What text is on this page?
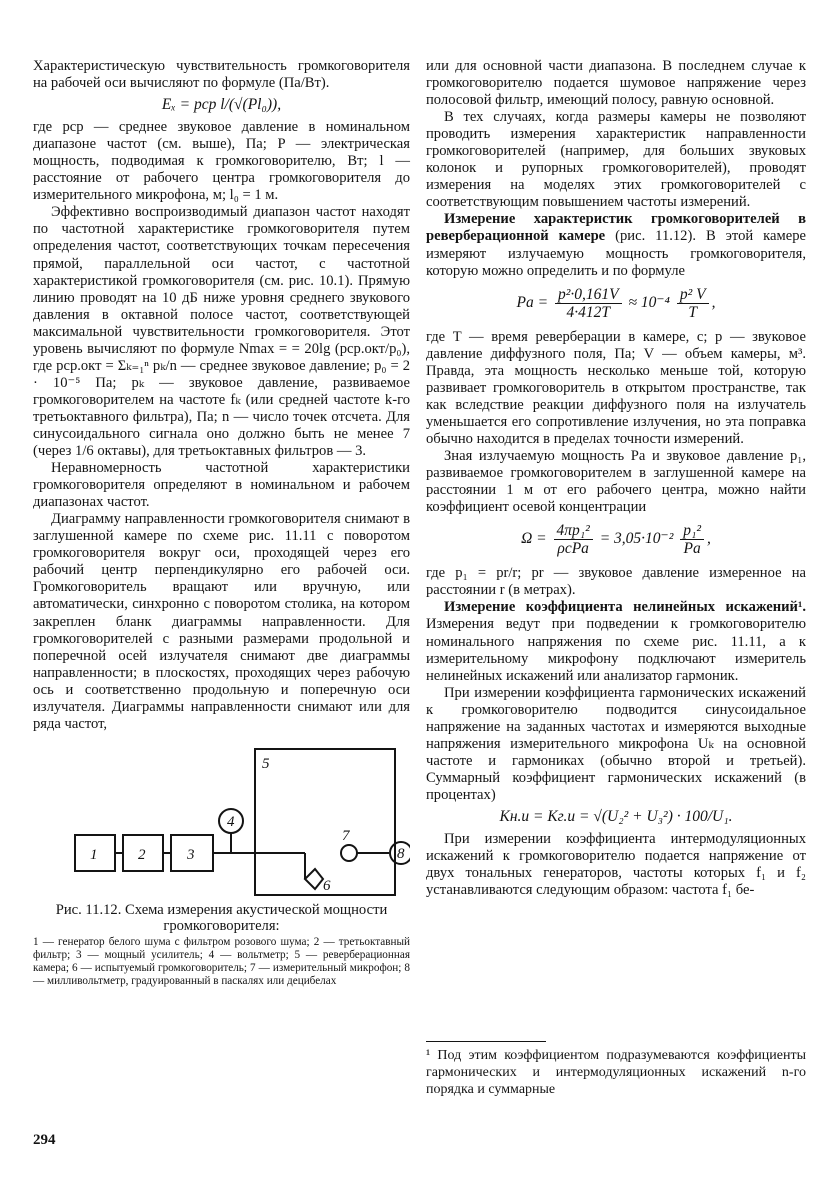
Характеристическую чувствительность громкоговорителя на рабочей оси вычисляют по формуле (Па/Вт).

Eₓ = pср l/(√(Pl₀)),

где pср — среднее звуковое давление в номинальном диапазоне частот (см. выше), Па; P — электрическая мощность, подводимая к громкоговорителю, Вт; l — расстояние от рабочего центра громкоговорителя до измерительного микрофона, м; l₀ = 1 м.

Эффективно воспроизводимый диапазон частот находят по частотной характеристике громкоговорителя путем определения частот, соответствующих точкам пересечения прямой, параллельной оси частот, с частотной характеристикой громкоговорителя (см. рис. 10.1). Прямую линию проводят на 10 дБ ниже уровня среднего звукового давления в октавной полосе частот, соответствующей максимальной чувствительности громкоговорителя. Этот уровень вычисляют по формуле Nmax = = 20lg (pср.окт/p₀), где pср.окт = Σₖ₌₁ⁿ pₖ/n — среднее звуковое давление; p₀ = 2 · 10⁻⁵ Па; pₖ — звуковое давление, развиваемое громкоговорителем на частоте fₖ (или средней частоте k-го третьоктавного фильтра), Па; n — число точек отсчета. Для синусоидального сигнала оно должно быть не менее 7 (через 1/6 октавы), для третьоктавных фильтров — 3.

Неравномерность частотной характеристики громкоговорителя определяют в номинальном и рабочем диапазонах частот.

Диаграмму направленности громкоговорителя снимают в заглушенной камере по схеме рис. 11.11 с поворотом громкоговорителя вокруг оси, проходящей через его рабочий центр перпендикулярно его рабочей оси. Громкоговоритель вращают или вручную, или автоматически, синхронно с поворотом столика, на котором закреплен бланк диаграммы направленности. Для громкоговорителей с разными размерами продольной и поперечной осей излучателя снимают две диаграммы направленности; в плоскостях, проходящих через рабочую ось и соответственно продольную и поперечную оси излучателя. Диаграммы направленности снимают или для ряда частот,

1	2	3
4
5
6
7
8
Рис. 11.12. Схема измерения акустической мощности громкоговорителя:
1 — генератор белого шума с фильтром розового шума; 2 — третьоктавный фильтр; 3 — мощный усилитель; 4 — вольтметр; 5 — реверберационная камера; 6 — испытуемый громкоговоритель; 7 — измерительный микрофон; 8 — милливольтметр, градуированный в паскалях или децибелах

или для основной части диапазона. В последнем случае к громкоговорителю подается шумовое напряжение через полосовой фильтр, имеющий полосу, равную основной.

В тех случаях, когда размеры камеры не позволяют проводить измерения характеристик направленности громкоговорителей (например, для больших звуковых колонок и рупорных громкоговорителей), проводят измерения на моделях этих громкоговорителей с соответствующим повышением частоты измерений.

Измерение характеристик громкоговорителей в реверберационной камере (рис. 11.12). В этой камере измеряют излучаемую мощность громкоговорителя, которую можно определить и по формуле

$Pa = \frac{\text{p²·0,161V}}{4\cdot 412T} \approx 10^{-4} \frac{\text{p² V}}{T}$ ,

где T — время реверберации в камере, с; p — звуковое давление диффузного поля, Па; V — объем камеры, м³. Правда, эта мощность несколько меньше той, которую развивает громкоговоритель в открытом пространстве, так как вследствие реакции диффузного поля на излучатель уменьшается его сопротивление излучения, но эта поправка обычно находится в пределах точности измерений.

Зная излучаемую мощность Pa и звуковое давление p₁, развиваемое громкоговорителем в заглушенной камере на расстоянии 1 м от его рабочего центра, можно найти коэффициент осевой концентрации

$\Omega = \frac{\text{4πp₁²}}{\text{ρcPa}} = 3,05\cdot 10^{-2} \frac{\text{p₁²}}{Pa}$ ,

где p₁ = pr/r; pr — звуковое давление измеренное на расстоянии r (в метрах).

Измерение коэффициента нелинейных искажений¹. Измерения ведут при подведении к громкоговорителю номинального напряжения по схеме рис. 11.11, а к измерительному микрофону подключают измеритель нелинейных искажений или анализатор гармоник.

При измерении коэффициента гармонических искажений к громкоговорителю подводится синусоидальное напряжение на заданных частотах и измеряются выходные напряжения измерительного микрофона Uₖ на основной частоте и гармониках (обычно второй и третьей). Суммарный коэффициент гармонических искажений (в процентах)

Kн.и = Kг.и = √(U₂² + U₃²) · 100/U₁.

При измерении коэффициента интермодуляционных искажений к громкоговорителю подается напряжение от двух тональных генераторов, частоты которых f₁ и f₂ устанавливаются следующим образом: частота f₁ бе-

¹ Под этим коэффициентом подразумеваются коэффициенты гармонических и интермодуляционных искажений n-го порядка и суммарные
294
